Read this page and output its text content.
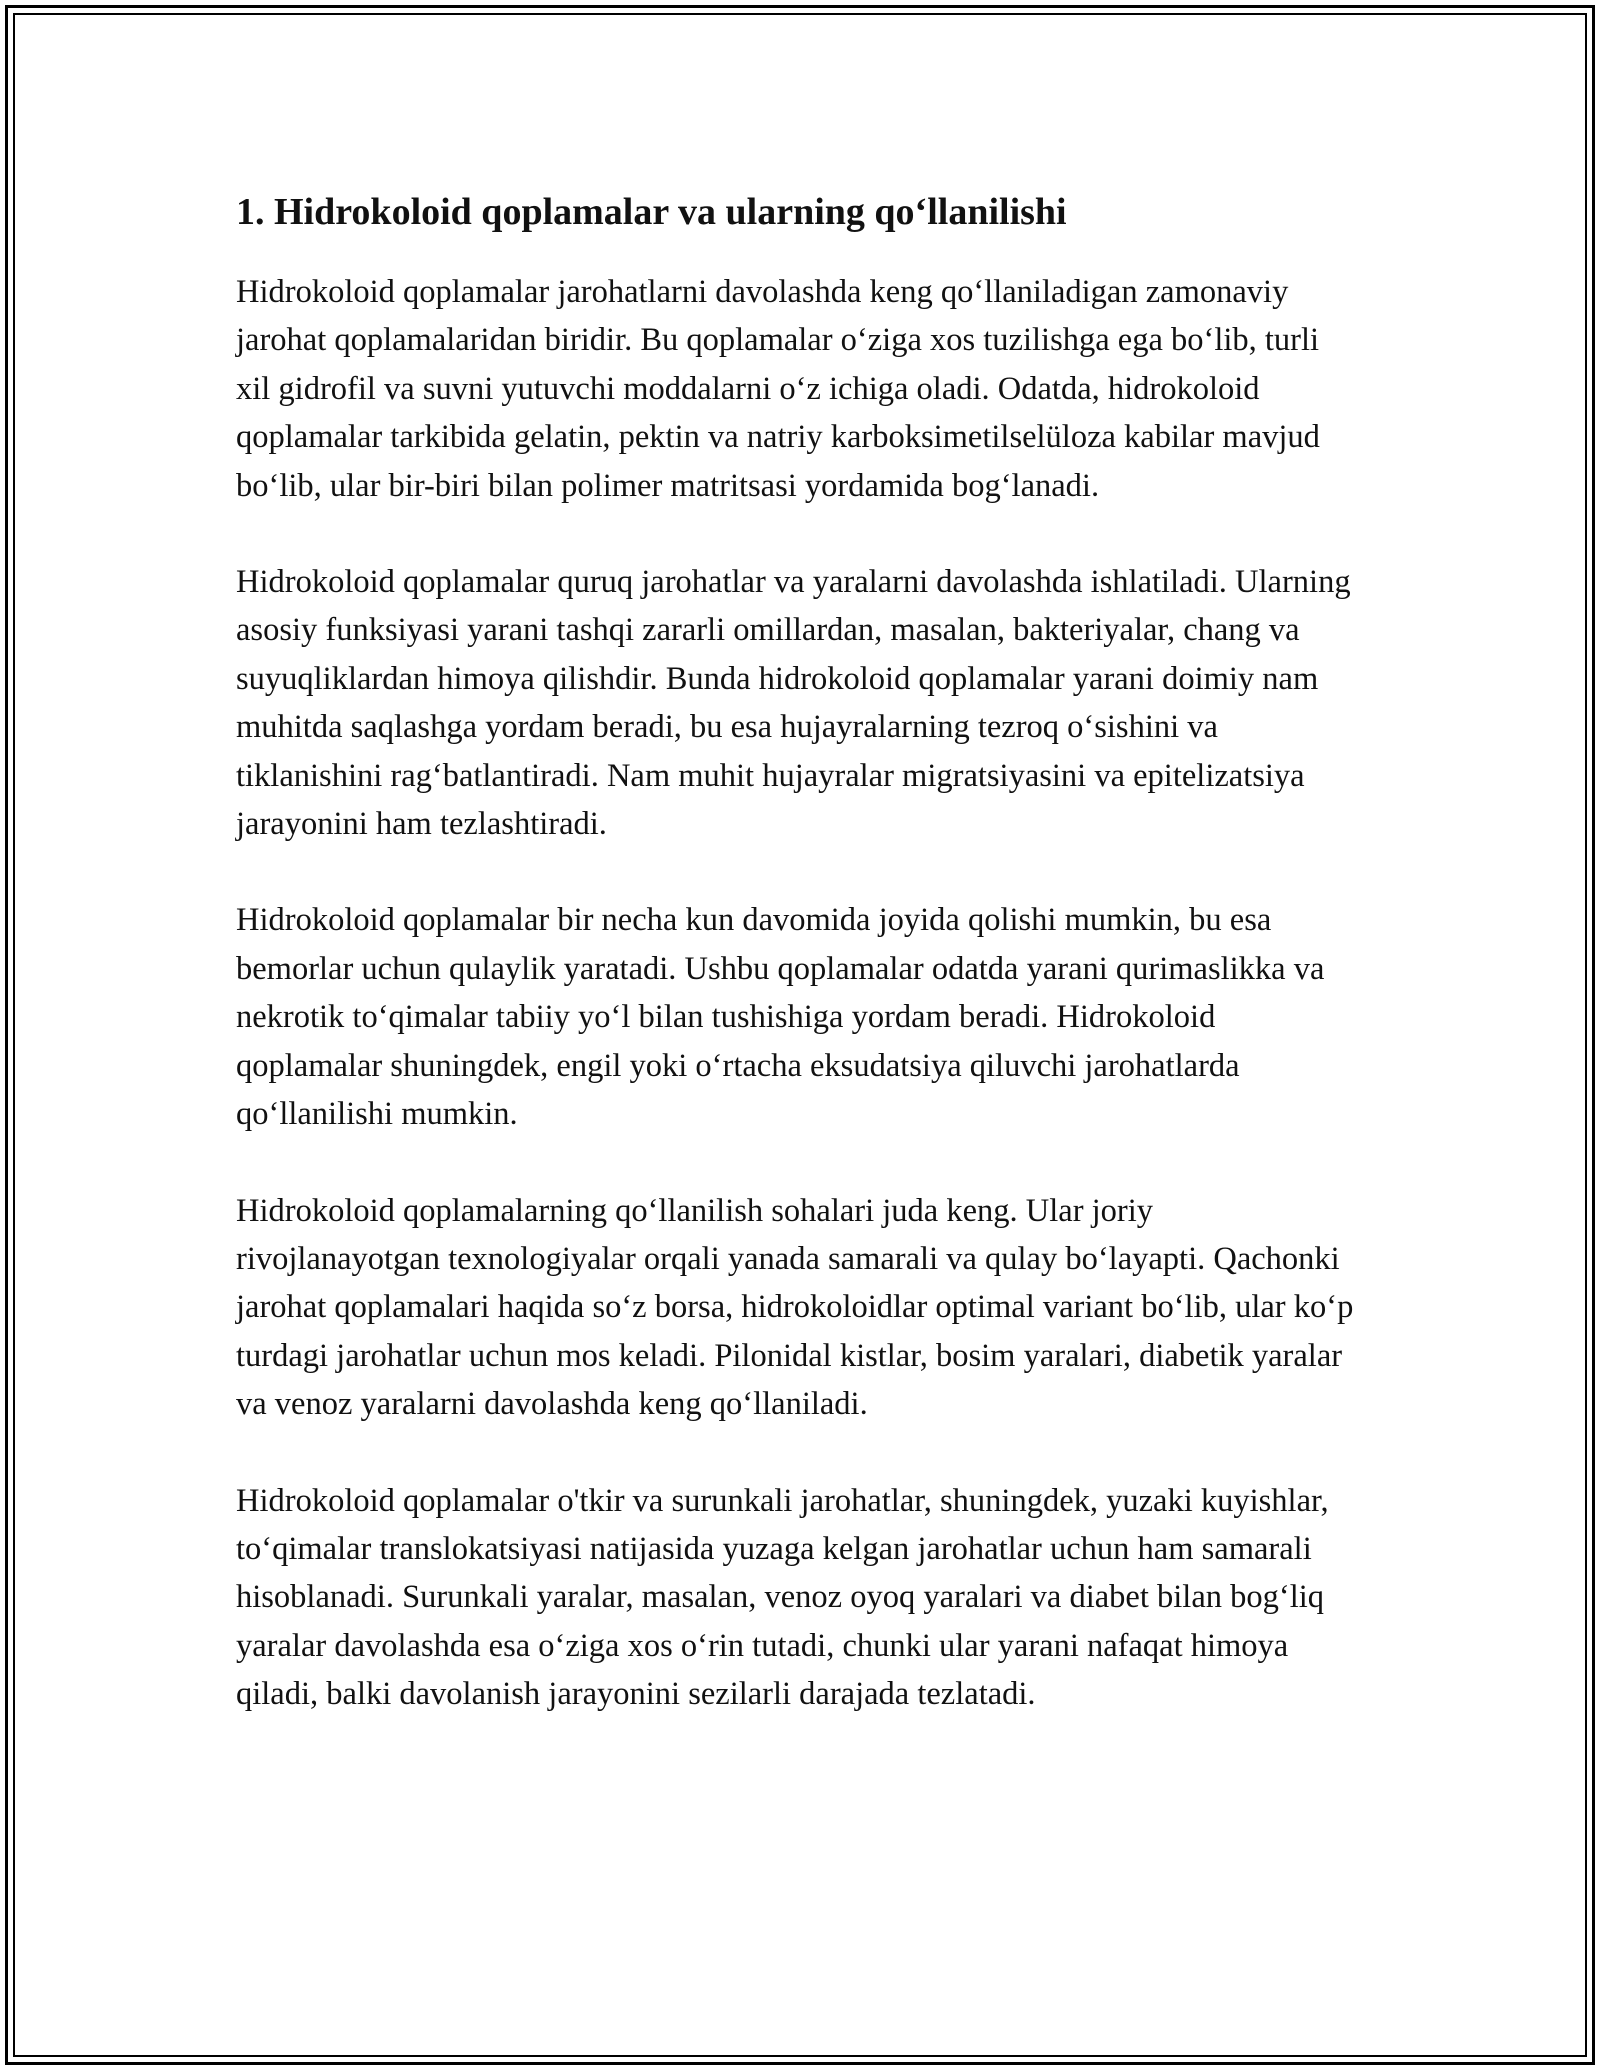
1. Hidrokoloid qoplamalar va ularning qo‘llanilishi

Hidrokoloid qoplamalar jarohatlarni davolashda keng qo‘llaniladigan zamonaviy jarohat qoplamalaridan biridir. Bu qoplamalar o‘ziga xos tuzilishga ega bo‘lib, turli xil gidrofil va suvni yutuvchi moddalarni o‘z ichiga oladi. Odatda, hidrokoloid qoplamalar tarkibida gelatin, pektin va natriy karboksimetilselüloza kabilar mavjud bo‘lib, ular bir-biri bilan polimer matritsasi yordamida bog‘lanadi.

Hidrokoloid qoplamalar quruq jarohatlar va yaralarni davolashda ishlatiladi. Ularning asosiy funksiyasi yarani tashqi zararli omillardan, masalan, bakteriyalar, chang va suyuqliklardan himoya qilishdir. Bunda hidrokoloid qoplamalar yarani doimiy nam muhitda saqlashga yordam beradi, bu esa hujayralarning tezroq o‘sishini va tiklanishini rag‘batlantiradi. Nam muhit hujayralar migratsiyasini va epitelizatsiya jarayonini ham tezlashtiradi.

Hidrokoloid qoplamalar bir necha kun davomida joyida qolishi mumkin, bu esa bemorlar uchun qulaylik yaratadi. Ushbu qoplamalar odatda yarani qurimaslikka va nekrotik to‘qimalar tabiiy yo‘l bilan tushishiga yordam beradi. Hidrokoloid qoplamalar shuningdek, engil yoki o‘rtacha eksudatsiya qiluvchi jarohatlarda qo‘llanilishi mumkin.

Hidrokoloid qoplamalarning qo‘llanilish sohalari juda keng. Ular joriy rivojlanayotgan texnologiyalar orqali yanada samarali va qulay bo‘layapti. Qachonki jarohat qoplamalari haqida so‘z borsa, hidrokoloidlar optimal variant bo‘lib, ular ko‘p turdagi jarohatlar uchun mos keladi. Pilonidal kistlar, bosim yaralari, diabetik yaralar va venoz yaralarni davolashda keng qo‘llaniladi.

Hidrokoloid qoplamalar o'tkir va surunkali jarohatlar, shuningdek, yuzaki kuyishlar, to‘qimalar translokatsiyasi natijasida yuzaga kelgan jarohatlar uchun ham samarali hisoblanadi. Surunkali yaralar, masalan, venoz oyoq yaralari va diabet bilan bog‘liq yaralar davolashda esa o‘ziga xos o‘rin tutadi, chunki ular yarani nafaqat himoya qiladi, balki davolanish jarayonini sezilarli darajada tezlatadi.
